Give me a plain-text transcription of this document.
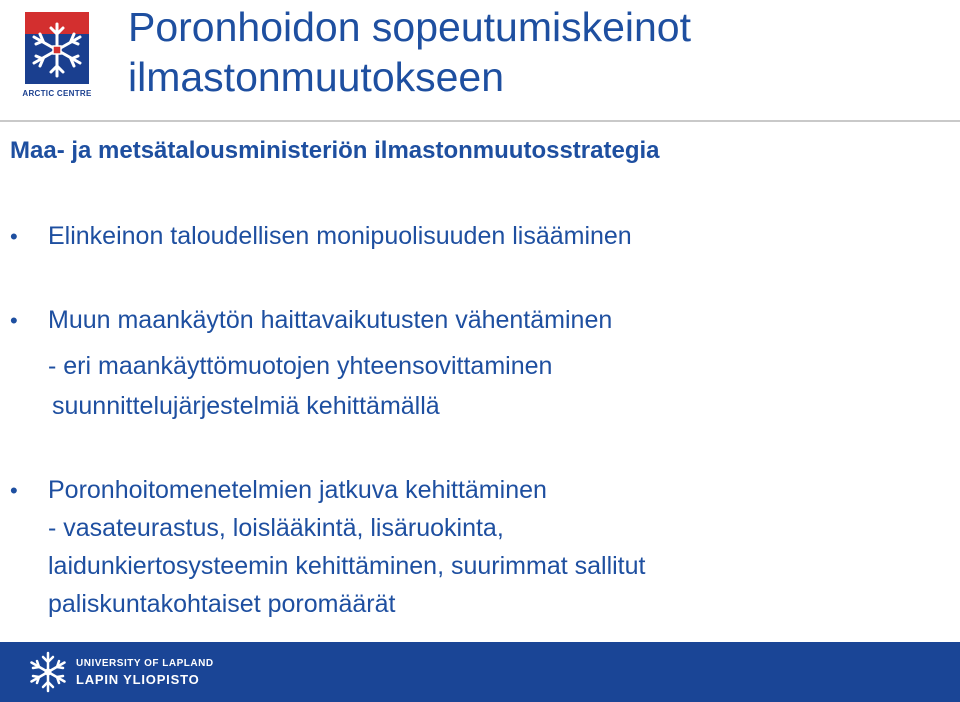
ARCTIC CENTRE
Poronhoidon sopeutumiskeinot
ilmastonmuutokseen
Maa- ja metsätalousministeriön ilmastonmuutosstrategia
•	Elinkeinon taloudellisen monipuolisuuden lisääminen
•	Muun maankäytön haittavaikutusten vähentäminen
- eri maankäyttömuotojen yhteensovittaminen
suunnittelujärjestelmiä kehittämällä
•	Poronhoitomenetelmien jatkuva kehittäminen
- vasateurastus, loislääkintä, lisäruokinta,
laidunkiertosysteemin kehittäminen, suurimmat sallitut
paliskuntakohtaiset poromäärät
UNIVERSITY OF LAPLAND
LAPIN YLIOPISTO
